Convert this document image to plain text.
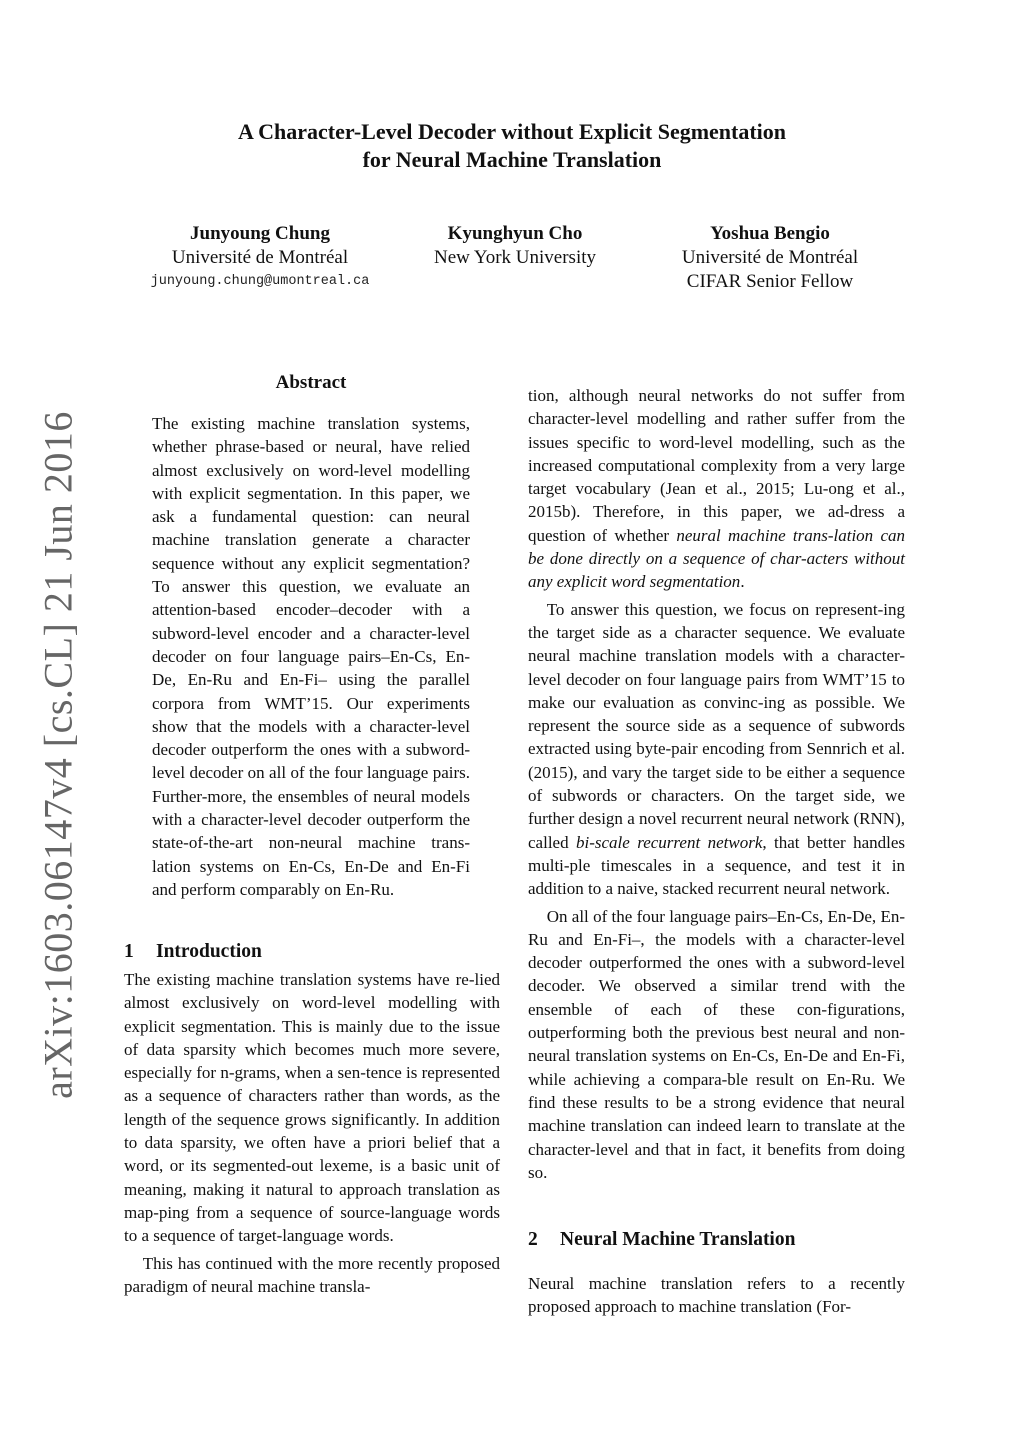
A Character-Level Decoder without Explicit Segmentation
for Neural Machine Translation
Junyoung Chung
Université de Montréal
junyoung.chung@umontreal.ca
Kyunghyun Cho
New York University
Yoshua Bengio
Université de Montréal
CIFAR Senior Fellow
arXiv:1603.06147v4 [cs.CL] 21 Jun 2016
Abstract

The existing machine translation systems, whether phrase-based or neural, have relied almost exclusively on word-level modelling with explicit segmentation. In this paper, we ask a fundamental question: can neural machine translation generate a character sequence without any explicit segmentation? To answer this question, we evaluate an attention-based encoder–decoder with a subword-level encoder and a character-level decoder on four language pairs–En-Cs, En-De, En-Ru and En-Fi– using the parallel corpora from WMT’15. Our experiments show that the models with a character-level decoder outperform the ones with a subword-level decoder on all of the four language pairs. Further-more, the ensembles of neural models with a character-level decoder outperform the state-of-the-art non-neural machine trans-lation systems on En-Cs, En-De and En-Fi and perform comparably on En-Ru.

1 Introduction

The existing machine translation systems have re-lied almost exclusively on word-level modelling with explicit segmentation. This is mainly due to the issue of data sparsity which becomes much more severe, especially for n-grams, when a sen-tence is represented as a sequence of characters rather than words, as the length of the sequence grows significantly. In addition to data sparsity, we often have a priori belief that a word, or its segmented-out lexeme, is a basic unit of meaning, making it natural to approach translation as map-ping from a sequence of source-language words to a sequence of target-language words.

This has continued with the more recently proposed paradigm of neural machine transla-

tion, although neural networks do not suffer from character-level modelling and rather suffer from the issues specific to word-level modelling, such as the increased computational complexity from a very large target vocabulary (Jean et al., 2015; Lu-ong et al., 2015b). Therefore, in this paper, we ad-dress a question of whether neural machine trans-lation can be done directly on a sequence of char-acters without any explicit word segmentation.

To answer this question, we focus on represent-ing the target side as a character sequence. We evaluate neural machine translation models with a character-level decoder on four language pairs from WMT’15 to make our evaluation as convinc-ing as possible. We represent the source side as a sequence of subwords extracted using byte-pair encoding from Sennrich et al. (2015), and vary the target side to be either a sequence of subwords or characters. On the target side, we further design a novel recurrent neural network (RNN), called bi-scale recurrent network, that better handles multi-ple timescales in a sequence, and test it in addition to a naive, stacked recurrent neural network.

On all of the four language pairs–En-Cs, En-De, En-Ru and En-Fi–, the models with a character-level decoder outperformed the ones with a subword-level decoder. We observed a similar trend with the ensemble of each of these con-figurations, outperforming both the previous best neural and non-neural translation systems on En-Cs, En-De and En-Fi, while achieving a compara-ble result on En-Ru. We find these results to be a strong evidence that neural machine translation can indeed learn to translate at the character-level and that in fact, it benefits from doing so.

2 Neural Machine Translation

Neural machine translation refers to a recently proposed approach to machine translation (For-
